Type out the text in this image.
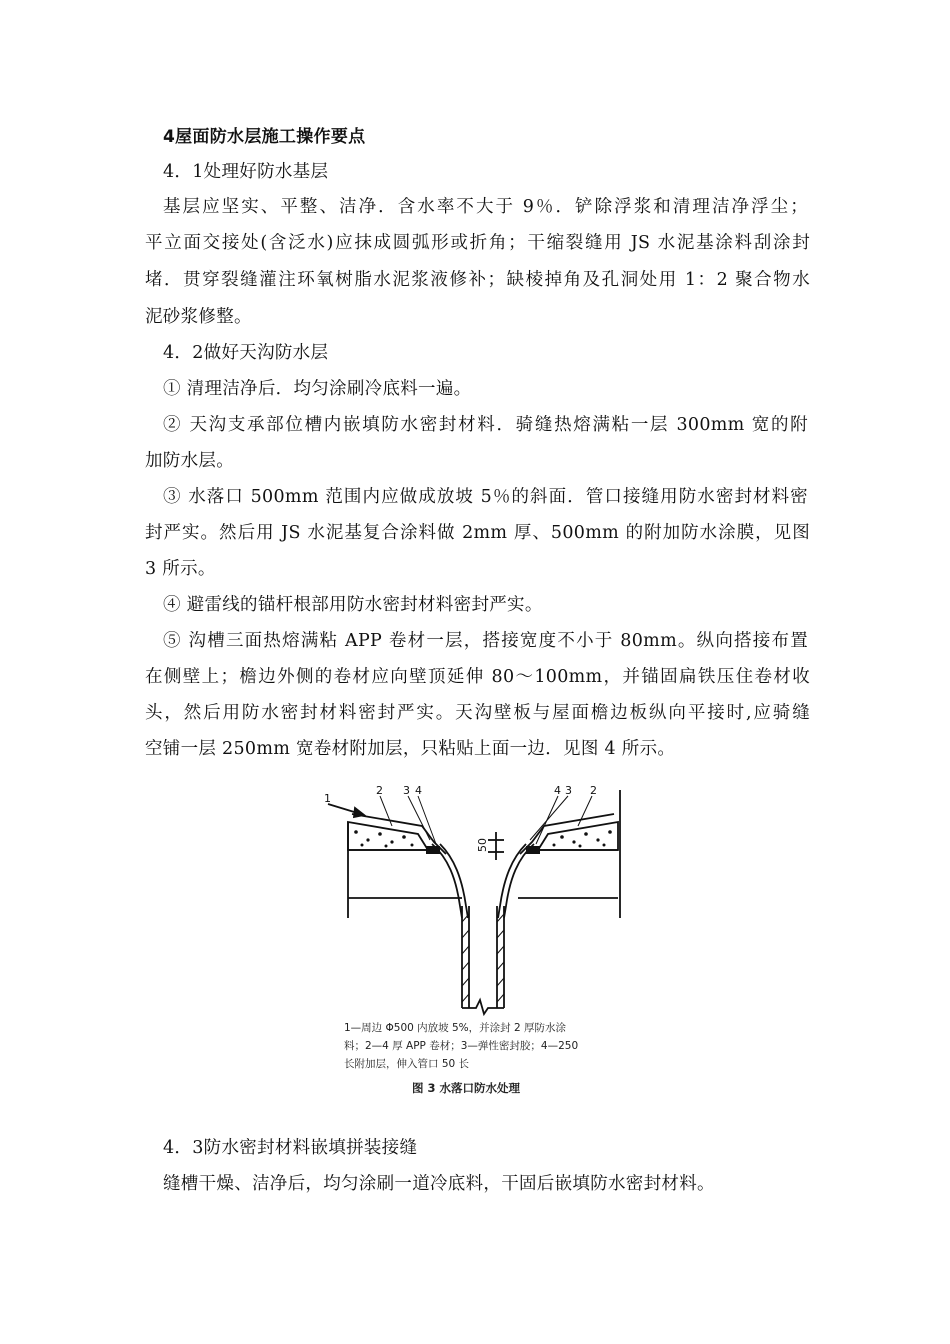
4屋面防水层施工操作要点
4．1处理好防水基层
基层应坚实、平整、洁净．含水率不大于 9％．铲除浮浆和清理洁净浮尘；
平立面交接处(含泛水)应抹成圆弧形或折角；干缩裂缝用 JS 水泥基涂料刮涂封
堵．贯穿裂缝灌注环氧树脂水泥浆液修补；缺棱掉角及孔洞处用 1：2 聚合物水
泥砂浆修整。
4．2做好天沟防水层
① 清理洁净后．均匀涂刷冷底料一遍。
② 天沟支承部位槽内嵌填防水密封材料．骑缝热熔满粘一层 300mm 宽的附
加防水层。
③ 水落口 500mm 范围内应做成放坡 5％的斜面．管口接缝用防水密封材料密
封严实。然后用 JS 水泥基复合涂料做 2mm 厚、500mm 的附加防水涂膜，见图
3 所示。
④ 避雷线的锚杆根部用防水密封材料密封严实。
⑤ 沟槽三面热熔满粘 APP 卷材一层，搭接宽度不小于 80mm。纵向搭接布置
在侧壁上；檐边外侧的卷材应向壁顶延伸 80～100mm，并锚固扁铁压住卷材收
头，然后用防水密封材料密封严实。天沟壁板与屋面檐边板纵向平接时,应骑缝
空铺一层 250mm 宽卷材附加层，只粘贴上面一边．见图 4 所示。
1
2 3 4	4 3 2
50
1—周边 Φ500 内放坡 5%，并涂封 2 厚防水涂
料；2—4 厚 APP 卷材；3—弹性密封胶；4—250
长附加层，伸入管口 50 长
图 3 水落口防水处理
4．3防水密封材料嵌填拼装接缝
缝槽干燥、洁净后，均匀涂刷一道冷底料，干固后嵌填防水密封材料。
